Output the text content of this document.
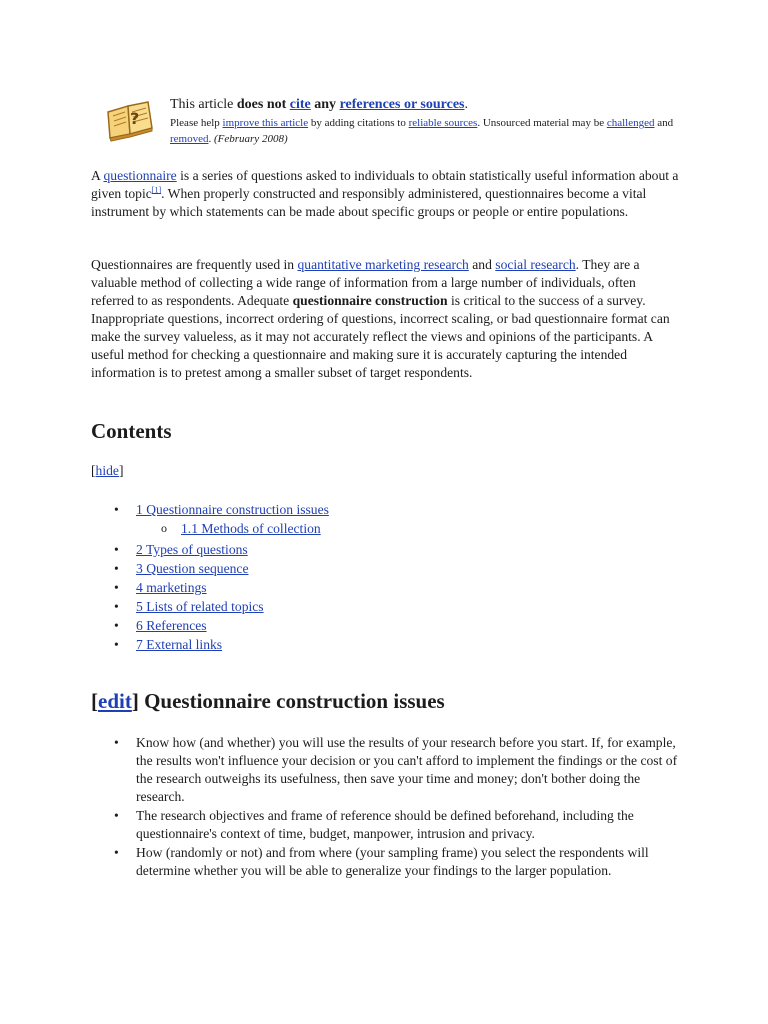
?
This article does not cite any references or sources.
Please help improve this article by adding citations to reliable sources. Unsourced material may be challenged and removed. (February 2008)

A questionnaire is a series of questions asked to individuals to obtain statistically useful information about a given topic[1]. When properly constructed and responsibly administered, questionnaires become a vital instrument by which statements can be made about specific groups or people or entire populations.

Questionnaires are frequently used in quantitative marketing research and social research. They are a valuable method of collecting a wide range of information from a large number of individuals, often referred to as respondents. Adequate questionnaire construction is critical to the success of a survey. Inappropriate questions, incorrect ordering of questions, incorrect scaling, or bad questionnaire format can make the survey valueless, as it may not accurately reflect the views and opinions of the participants. A useful method for checking a questionnaire and making sure it is accurately capturing the intended information is to pretest among a smaller subset of target respondents.

Contents
[hide]
• 1 Questionnaire construction issues
o 1.1 Methods of collection
• 2 Types of questions
• 3 Question sequence
• 4 marketings
• 5 Lists of related topics
• 6 References
• 7 External links
[edit] Questionnaire construction issues
• Know how (and whether) you will use the results of your research before you start. If, for example, the results won't influence your decision or you can't afford to implement the findings or the cost of the research outweighs its usefulness, then save your time and money; don't bother doing the research.
• The research objectives and frame of reference should be defined beforehand, including the questionnaire's context of time, budget, manpower, intrusion and privacy.
• How (randomly or not) and from where (your sampling frame) you select the respondents will determine whether you will be able to generalize your findings to the larger population.
